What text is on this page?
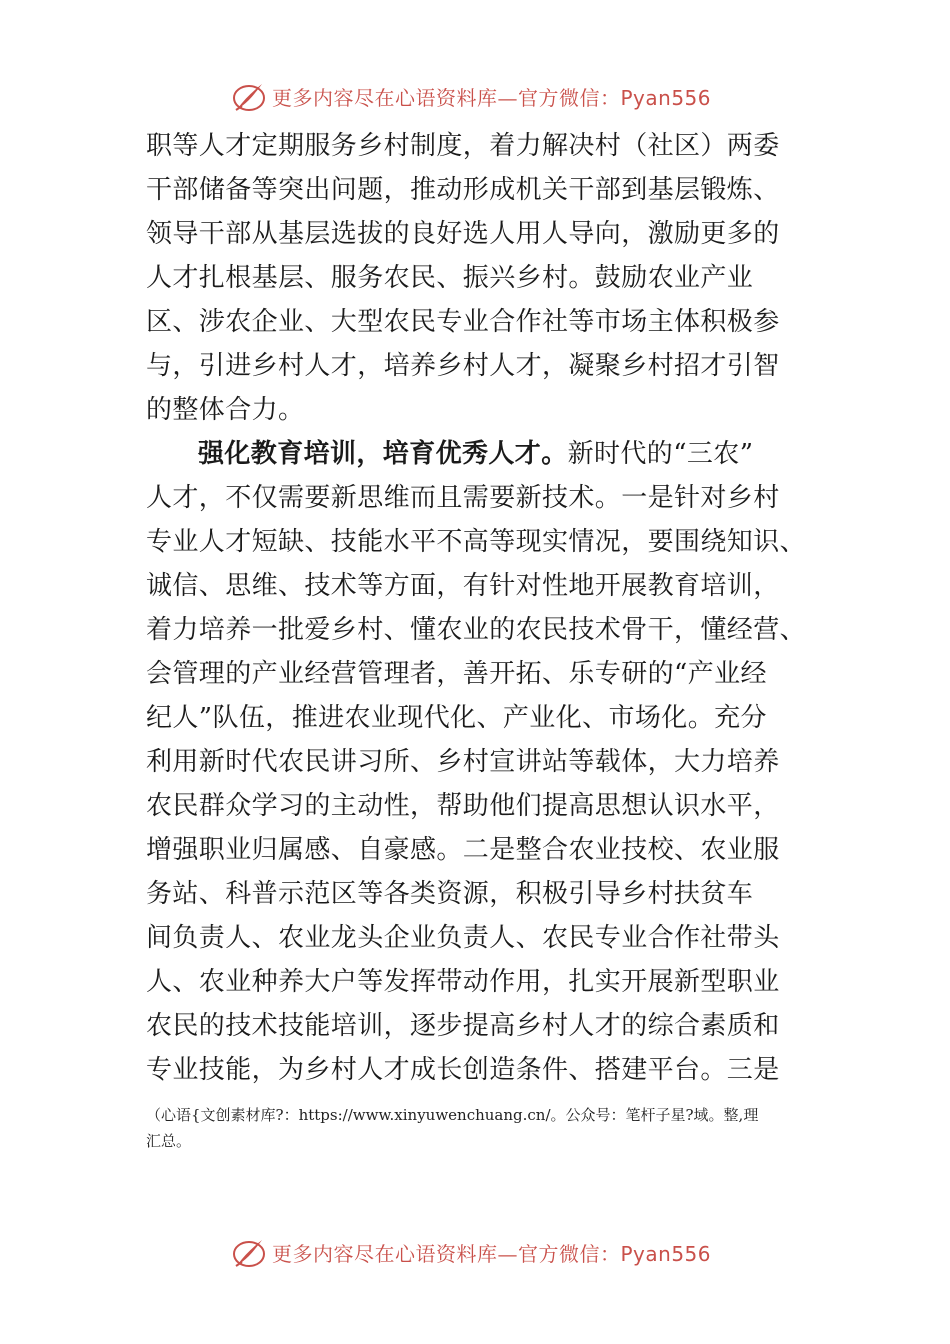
更多内容尽在心语资料库—官方微信：Pyan556
职等人才定期服务乡村制度，着力解决村（社区）两委
干部储备等突出问题，推动形成机关干部到基层锻炼、
领导干部从基层选拔的良好选人用人导向，激励更多的
人才扎根基层、服务农民、振兴乡村。鼓励农业产业
区、涉农企业、大型农民专业合作社等市场主体积极参
与，引进乡村人才，培养乡村人才，凝聚乡村招才引智
的整体合力。
强化教育培训，培育优秀人才。新时代的“三农”
人才，不仅需要新思维而且需要新技术。一是针对乡村
专业人才短缺、技能水平不高等现实情况，要围绕知识、
诚信、思维、技术等方面，有针对性地开展教育培训，
着力培养一批爱乡村、懂农业的农民技术骨干，懂经营、
会管理的产业经营管理者，善开拓、乐专研的“产业经
纪人”队伍，推进农业现代化、产业化、市场化。充分
利用新时代农民讲习所、乡村宣讲站等载体，大力培养
农民群众学习的主动性，帮助他们提高思想认识水平，
增强职业归属感、自豪感。二是整合农业技校、农业服
务站、科普示范区等各类资源，积极引导乡村扶贫车
间负责人、农业龙头企业负责人、农民专业合作社带头
人、农业种养大户等发挥带动作用，扎实开展新型职业
农民的技术技能培训，逐步提高乡村人才的综合素质和
专业技能，为乡村人才成长创造条件、搭建平台。三是
（心语{文创素材库?：https://www.xinyuwenchuang.cn/。公众号：笔杆子星?域。整,理
汇总。
更多内容尽在心语资料库—官方微信：Pyan556
